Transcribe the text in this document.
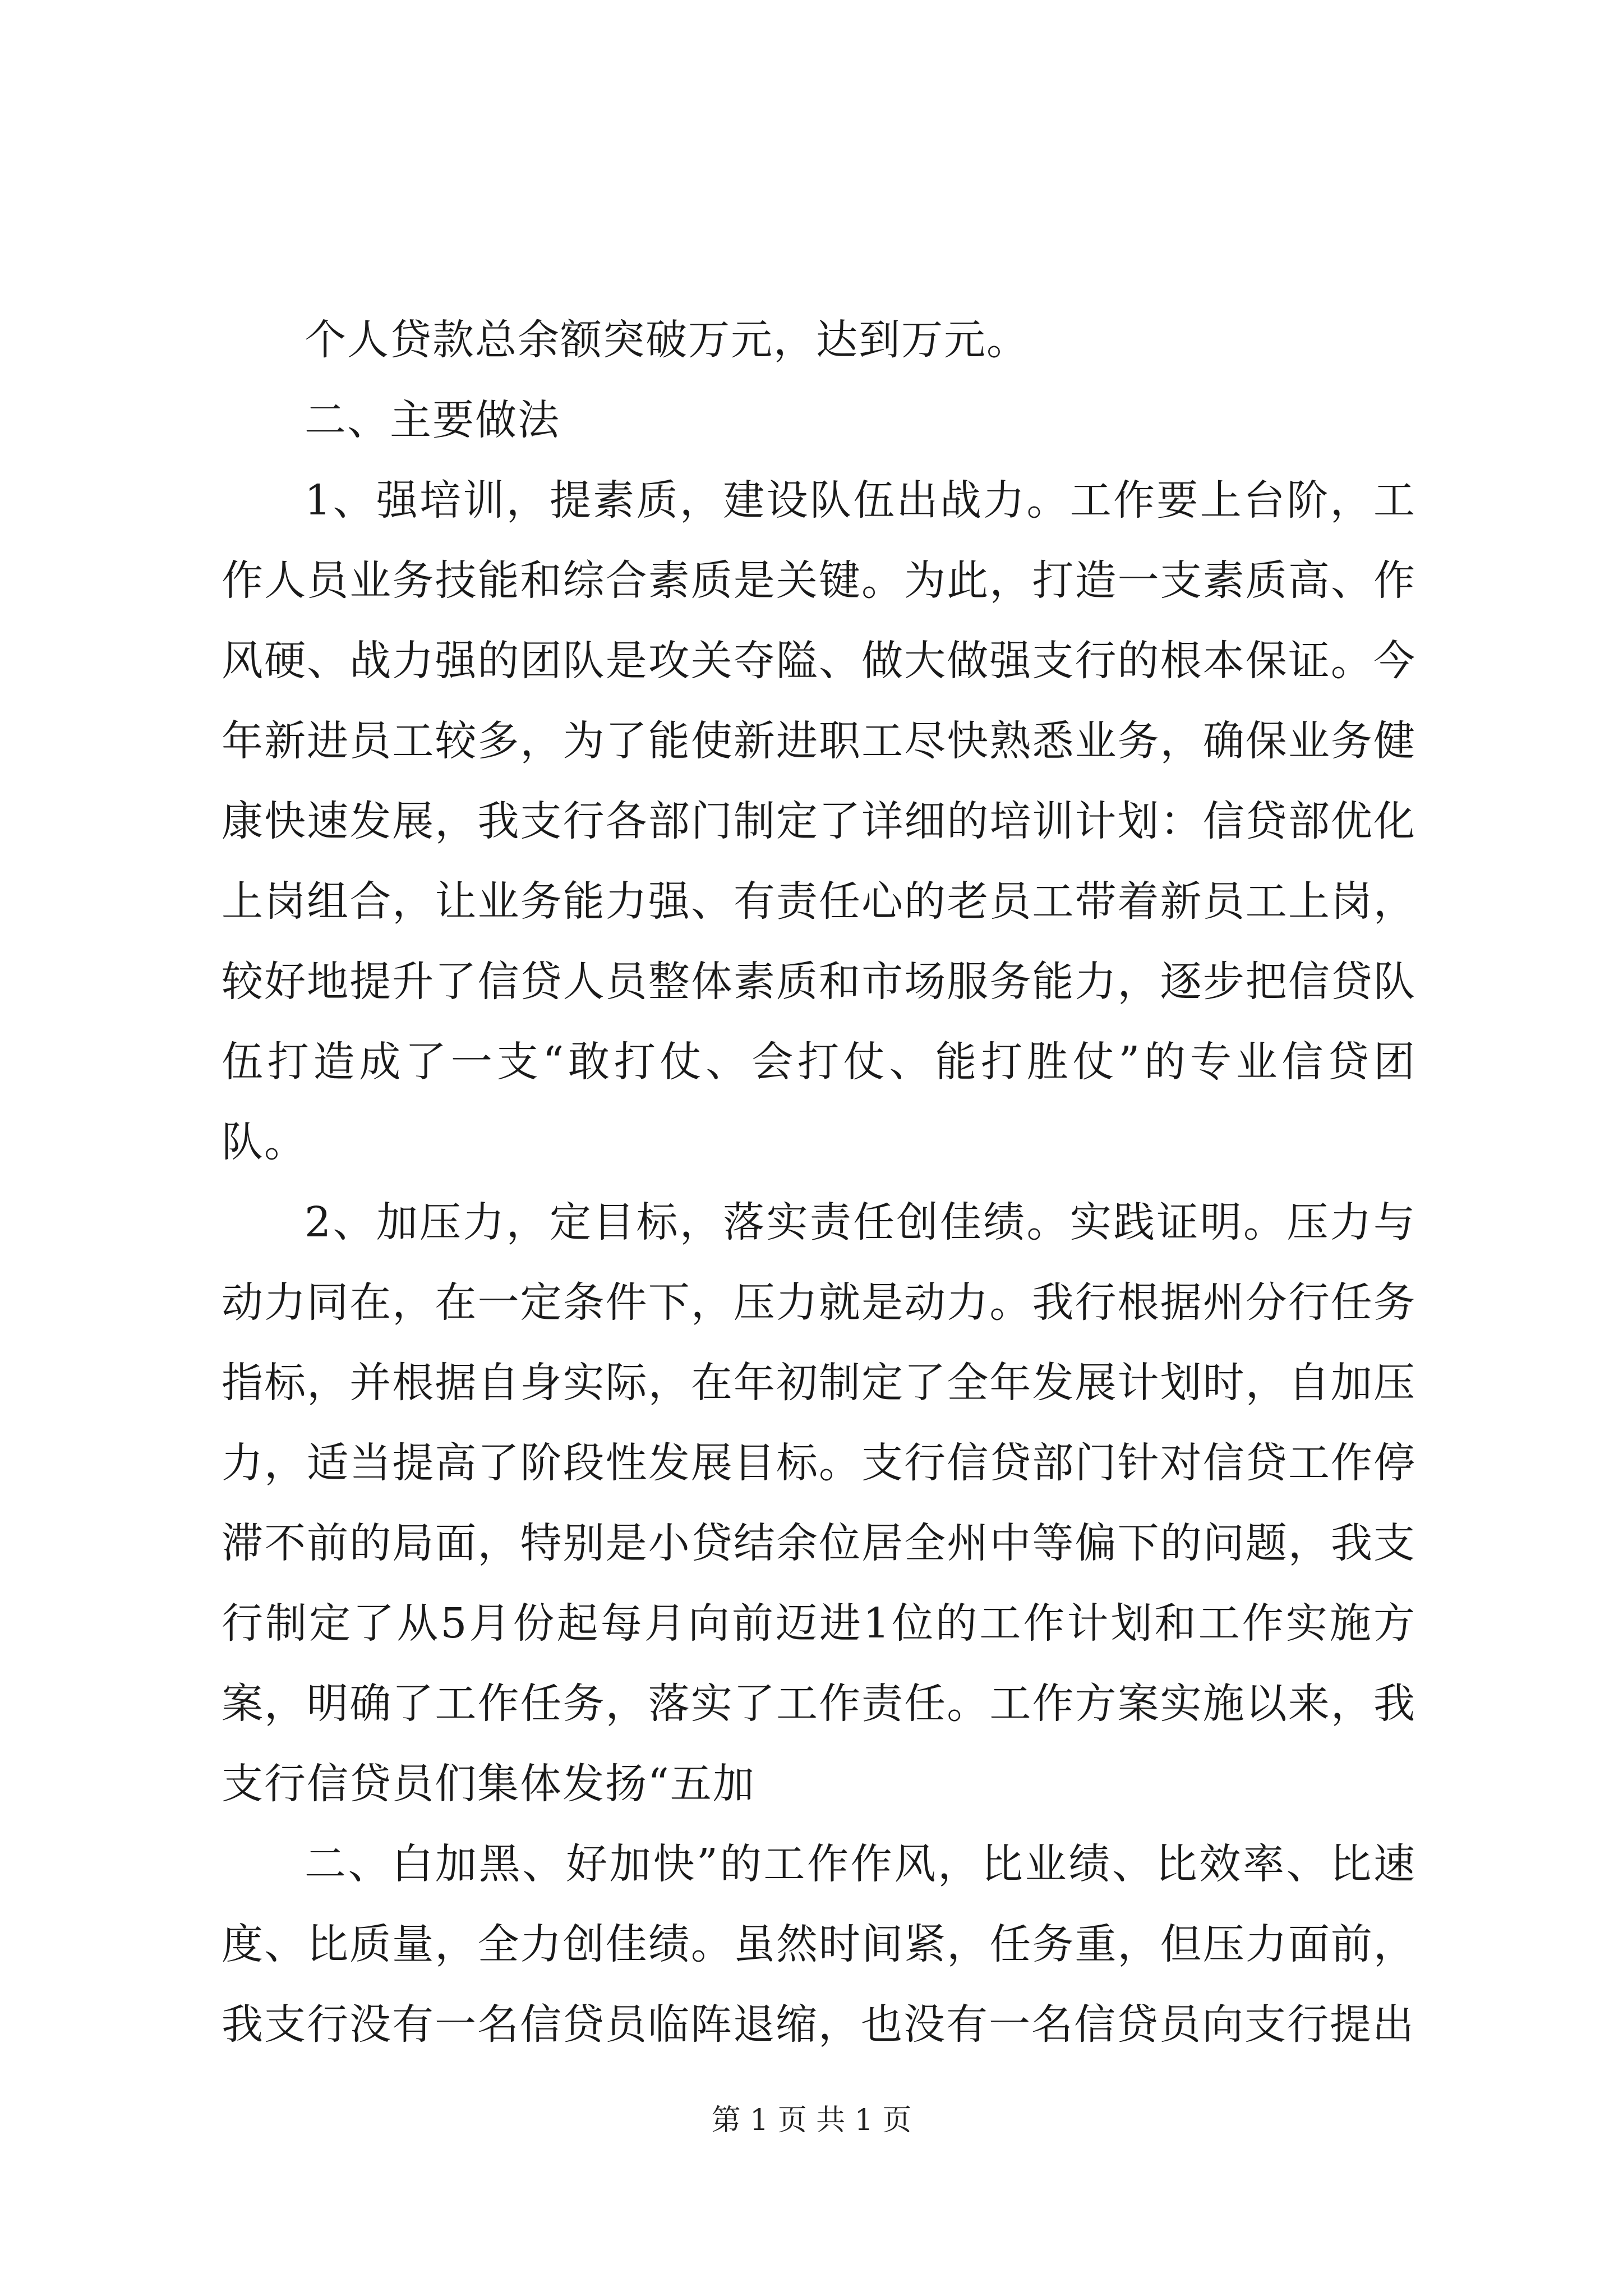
个人贷款总余额突破万元，达到万元。

二、主要做法

1、强培训，提素质，建设队伍出战力。工作要上台阶，工作人员业务技能和综合素质是关键。为此，打造一支素质高、作风硬、战力强的团队是攻关夺隘、做大做强支行的根本保证。今年新进员工较多，为了能使新进职工尽快熟悉业务，确保业务健康快速发展，我支行各部门制定了详细的培训计划：信贷部优化上岗组合，让业务能力强、有责任心的老员工带着新员工上岗，较好地提升了信贷人员整体素质和市场服务能力，逐步把信贷队伍打造成了一支“敢打仗、会打仗、能打胜仗”的专业信贷团队。

2、加压力，定目标，落实责任创佳绩。实践证明。压力与动力同在，在一定条件下，压力就是动力。我行根据州分行任务指标，并根据自身实际，在年初制定了全年发展计划时，自加压力，适当提高了阶段性发展目标。支行信贷部门针对信贷工作停滞不前的局面，特别是小贷结余位居全州中等偏下的问题，我支行制定了从5月份起每月向前迈进1位的工作计划和工作实施方案，明确了工作任务，落实了工作责任。工作方案实施以来，我支行信贷员们集体发扬“五加

二、白加黑、好加快”的工作作风，比业绩、比效率、比速度、比质量，全力创佳绩。虽然时间紧，任务重，但压力面前，我支行没有一名信贷员临阵退缩，也没有一名信贷员向支行提出

第 1 页 共 1 页
